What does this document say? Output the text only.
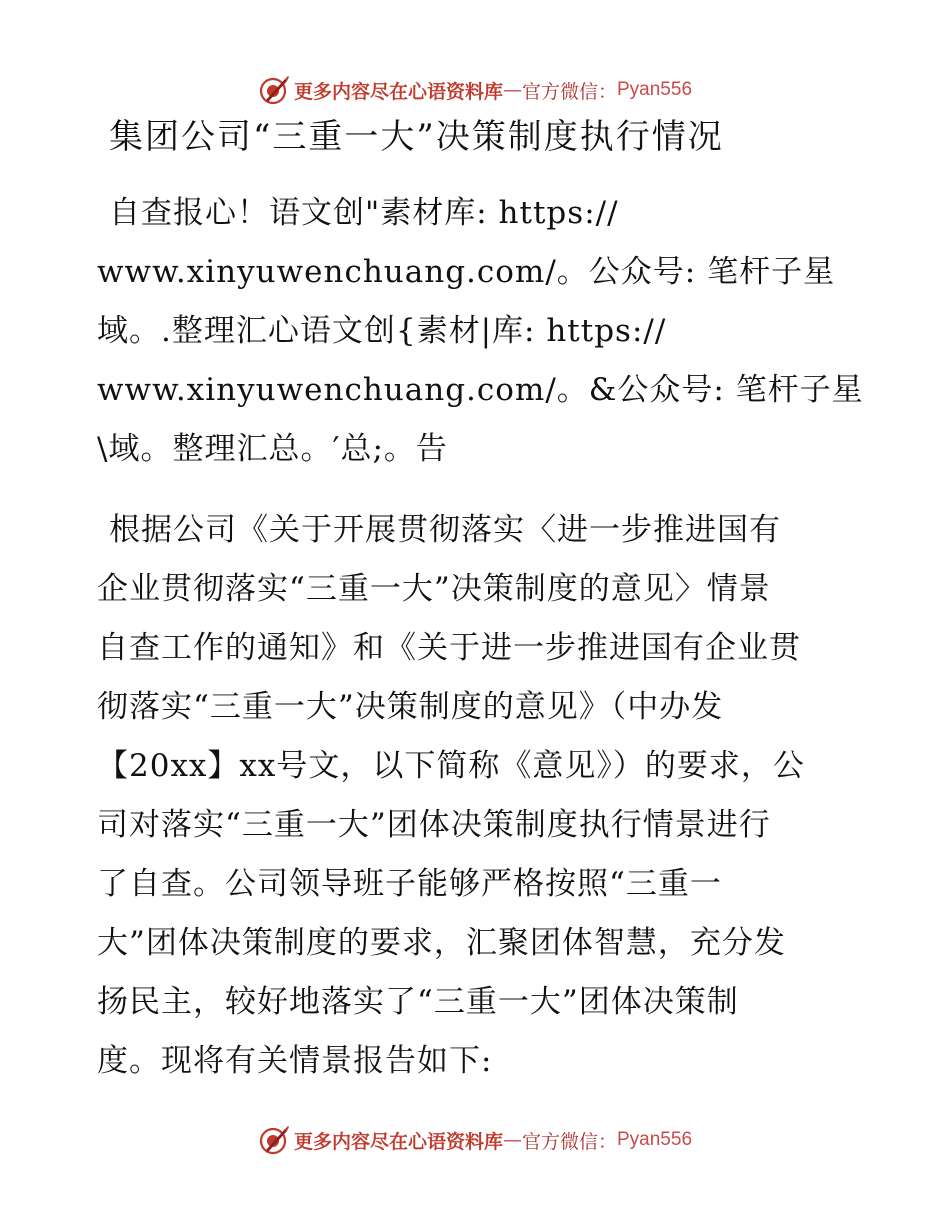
更多内容尽在心语资料库 — 官方微信： Pyan556
集团公司“三重一大”决策制度执行情况
自查报心！语文创"素材库: https://
www.xinyuwenchuang.com/。公众号: 笔杆子星
域。.整理汇心语文创{素材|库: https://
www.xinyuwenchuang.com/。&公众号: 笔杆子星
\域。整理汇总。′总;。告
根据公司《关于开展贯彻落实〈进一步推进国有
企业贯彻落实“三重一大”决策制度的意见〉情景
自查工作的通知》和《关于进一步推进国有企业贯
彻落实“三重一大”决策制度的意见》（中办发
【20xx】xx号文，以下简称《意见》）的要求，公
司对落实“三重一大”团体决策制度执行情景进行
了自查。公司领导班子能够严格按照“三重一
大”团体决策制度的要求，汇聚团体智慧，充分发
扬民主，较好地落实了“三重一大”团体决策制
度。现将有关情景报告如下:
更多内容尽在心语资料库 — 官方微信： Pyan556
